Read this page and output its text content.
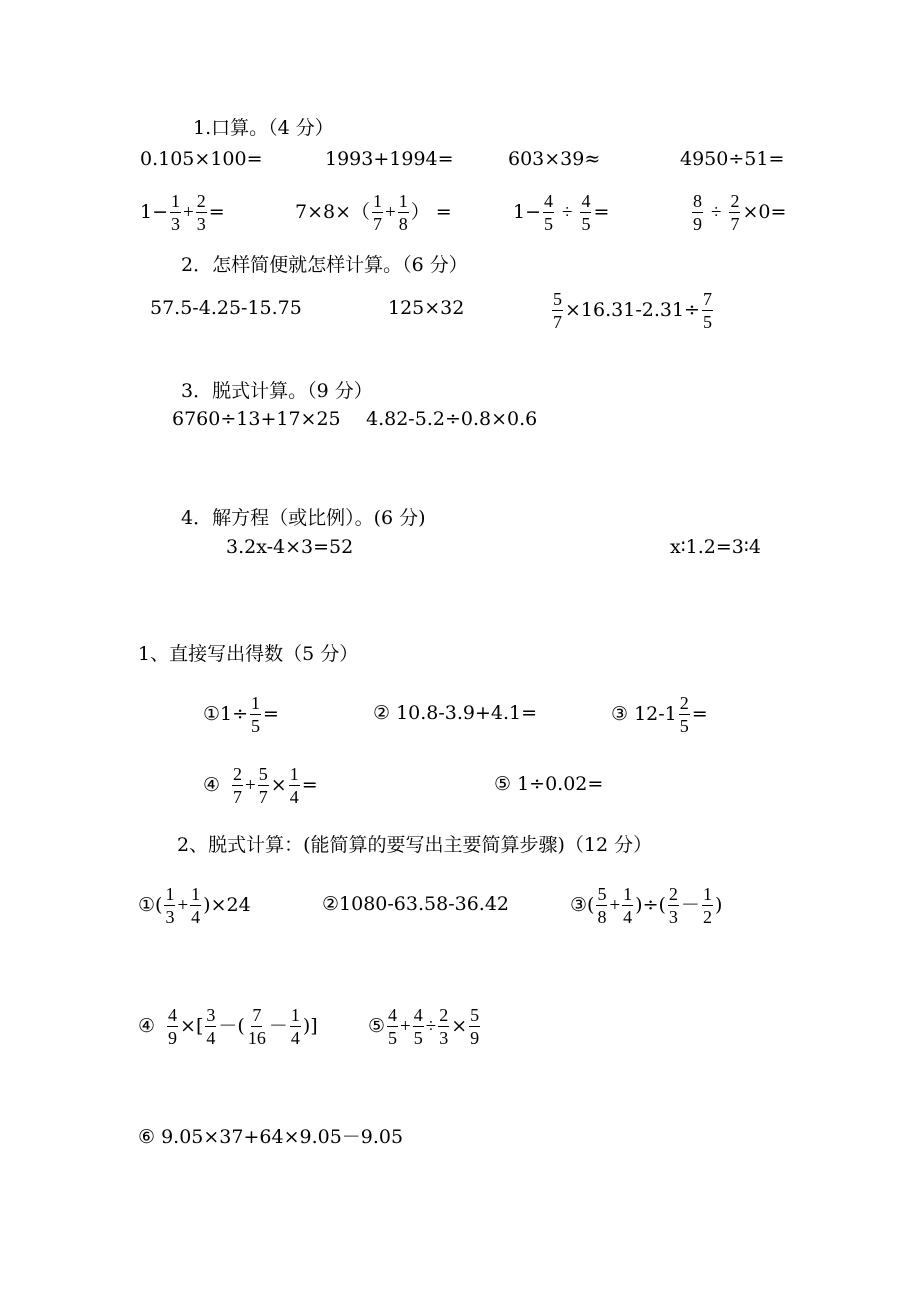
1.口算。（4 分）
0.105×100=	1993+1994=	603×39≈	4950÷51=
$1- \frac{1}{3} + \frac{2}{3}$ =	7×8×（
1
7
+ $\frac{1}{8}$ ） =	$1- \frac{4}{5} \div \frac{4}{5}$ =	$\frac{8}{9} \div \frac{2}{7} \times 0=$
2．怎样简便就怎样计算。（6 分）
57.5-4.25-15.75	125×32	$\frac{5}{7} \times 16.31-2.31\div \frac{7}{5}$
3．脱式计算。（9 分）
6760÷13+17×25 4.82-5.2÷0.8×0.6
4．解方程（或比例）。(6 分)
3.2x-4×3=52	x∶1.2=3∶4
1、直接写出得数（5 分）
①1÷ $\frac{1}{5}$ =	② 10.8-3.9+4.1=	③ $12-1 \frac{2}{5}$ =
④
2
7
+ $\frac{5}{7} \times \frac{1}{4}$ =	⑤ 1÷0.02=
2、脱式计算：(能简算的要写出主要简算步骤)（12 分）
①(
1
3
+ $\frac{1}{4} )\times 24$	②1080-63.58-36.42	③(
5
8
+ $\frac{1}{4}$ )÷(
2
3
－
1
2
)
④ $\frac{4}{9}$ ×[
3
4
－(
7
16
－
1
4
)]	⑤
4
5
+ $\frac{4}{5} \div \frac{2}{3} \times \frac{5}{9}$
⑥ 9.05×37+64×9.05－9.05
